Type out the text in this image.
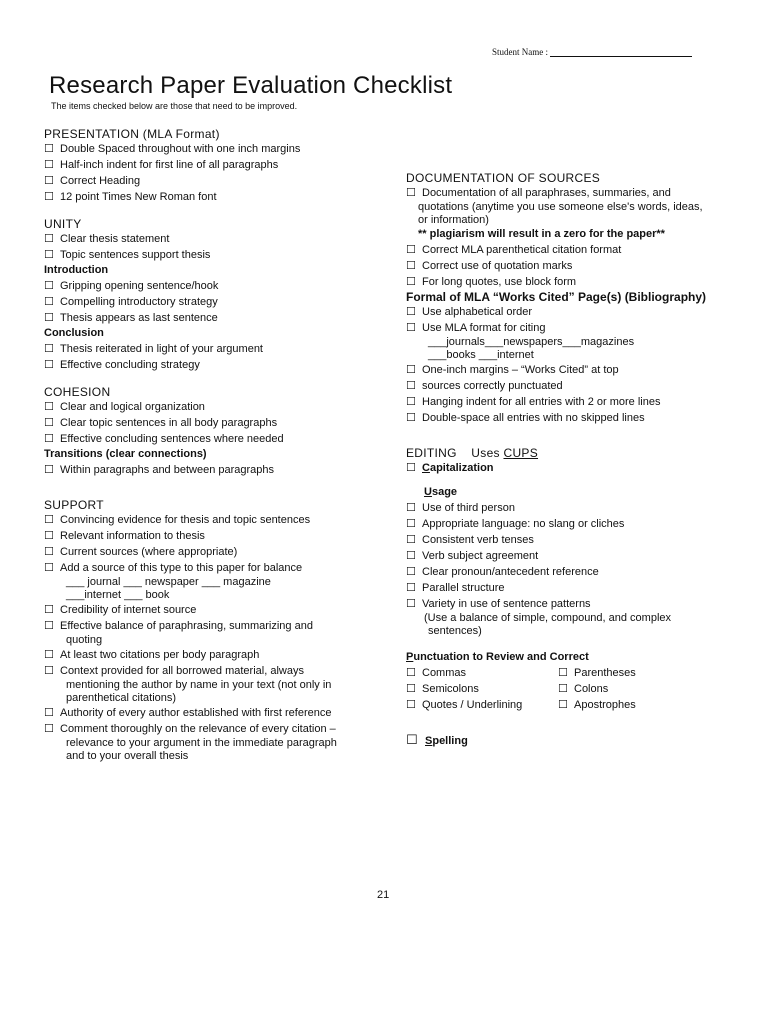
Student Name :
Research Paper Evaluation Checklist
The items checked below are those that need to be improved.
PRESENTATION (MLA Format)
☐ Double Spaced throughout with one inch margins
☐ Half-inch indent for first line of all paragraphs
☐ Correct Heading
☐ 12 point Times New Roman font
UNITY
☐ Clear thesis statement
☐ Topic sentences support thesis
Introduction
☐ Gripping opening sentence/hook
☐ Compelling introductory strategy
☐ Thesis appears as last sentence
Conclusion
☐ Thesis reiterated in light of your argument
☐ Effective concluding strategy
COHESION
☐ Clear and logical organization
☐ Clear topic sentences in all body paragraphs
☐ Effective concluding sentences where needed
Transitions (clear connections)
☐ Within paragraphs and between paragraphs
SUPPORT
☐ Convincing evidence for thesis and topic sentences
☐ Relevant information to thesis
☐ Current sources (where appropriate)
☐ Add a source of this type to this paper for balance
___ journal ___ newspaper ___ magazine
___internet ___ book
☐ Credibility of internet source
☐ Effective balance of paraphrasing, summarizing and
quoting
☐ At least two citations per body paragraph
☐ Context provided for all borrowed material, always
mentioning the author by name in your text (not only in
parenthetical citations)
☐ Authority of every author established with first reference
☐ Comment thoroughly on the relevance of every citation –
relevance to your argument in the immediate paragraph
and to your overall thesis
DOCUMENTATION OF SOURCES
☐ Documentation of all paraphrases, summaries, and
quotations (anytime you use someone else's words, ideas,
or information)
** plagiarism will result in a zero for the paper**
☐ Correct MLA parenthetical citation format
☐ Correct use of quotation marks
☐ For long quotes, use block form
Formal of MLA “Works Cited” Page(s) (Bibliography)
☐ Use alphabetical order
☐ Use MLA format for citing
___journals___newspapers___magazines
___books ___internet
☐ One-inch margins – “Works Cited” at top
☐ sources correctly punctuated
☐ Hanging indent for all entries with 2 or more lines
☐ Double-space all entries with no skipped lines
EDITING    Uses CUPS
☐ Capitalization
Usage
☐ Use of third person
☐ Appropriate language: no slang or cliches
☐ Consistent verb tenses
☐ Verb subject agreement
☐ Clear pronoun/antecedent reference
☐ Parallel structure
☐ Variety in use of sentence patterns
(Use a balance of simple, compound, and complex
sentences)
Punctuation to Review and Correct
☐ Commas	☐ Parentheses
☐ Semicolons	☐ Colons
☐ Quotes / Underlining	☐ Apostrophes
☐ Spelling
21
